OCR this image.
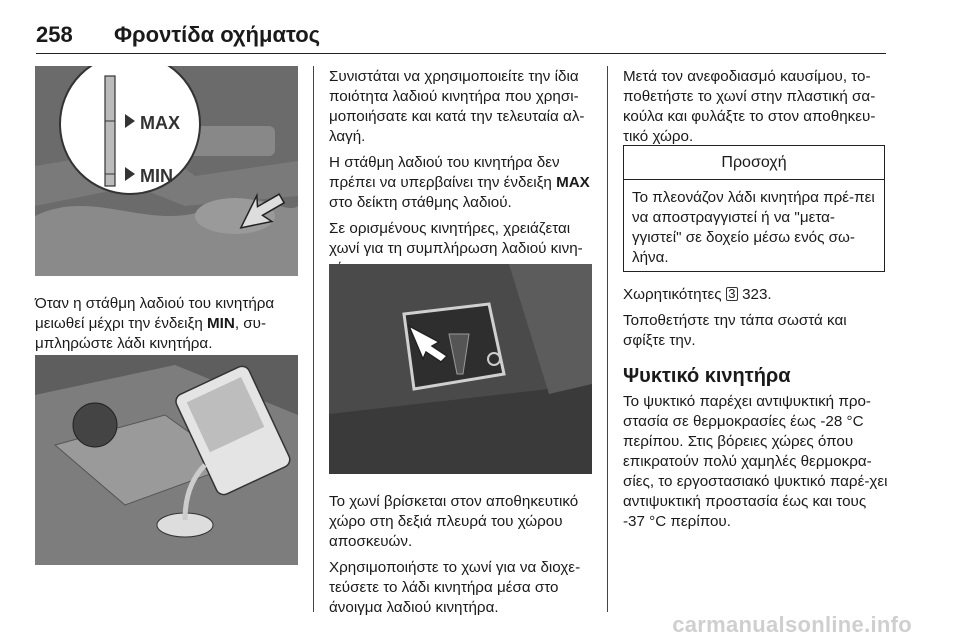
258 Φροντίδα οχήματος
MAX
MIN

Όταν η στάθμη λαδιού του κινητήρα μειωθεί μέχρι την ένδειξη MIN, συ-μπληρώστε λάδι κινητήρα.

Συνιστάται να χρησιμοποιείτε την ίδια ποιότητα λαδιού κινητήρα που χρησι-μοποιήσατε και κατά την τελευταία αλ-λαγή.

Η στάθμη λαδιού του κινητήρα δεν πρέπει να υπερβαίνει την ένδειξη MAX στο δείκτη στάθμης λαδιού.

Σε ορισμένους κινητήρες, χρειάζεται χωνί για τη συμπλήρωση λαδιού κινη-

Το χωνί βρίσκεται στον αποθηκευτικό χώρο στη δεξιά πλευρά του χώρου αποσκευών.

Χρησιμοποιήστε το χωνί για να διοχε-τεύσετε το λάδι κινητήρα μέσα στο άνοιγμα λαδιού κινητήρα.

Μετά τον ανεφοδιασμό καυσίμου, το-ποθετήστε το χωνί στην πλαστική σα-κούλα και φυλάξτε το στον αποθηκευ-τικό χώρο.

Προσοχή
Το πλεονάζον λάδι κινητήρα πρέ-πει να αποστραγγιστεί ή να "μετα-γγιστεί" σε δοχείο μέσω ενός σω-λήνα.

Χωρητικότητες 3 323.

Τοποθετήστε την τάπα σωστά και σφίξτε την.

Ψυκτικό κινητήρα

Το ψυκτικό παρέχει αντιψυκτική προ-στασία σε θερμοκρασίες έως -28 °C περίπου. Στις βόρειες χώρες όπου επικρατούν πολύ χαμηλές θερμοκρα-σίες, το εργοστασιακό ψυκτικό παρέ-χει αντιψυκτική προστασία έως και τους -37 °C περίπου.

carmanualsonline.info
